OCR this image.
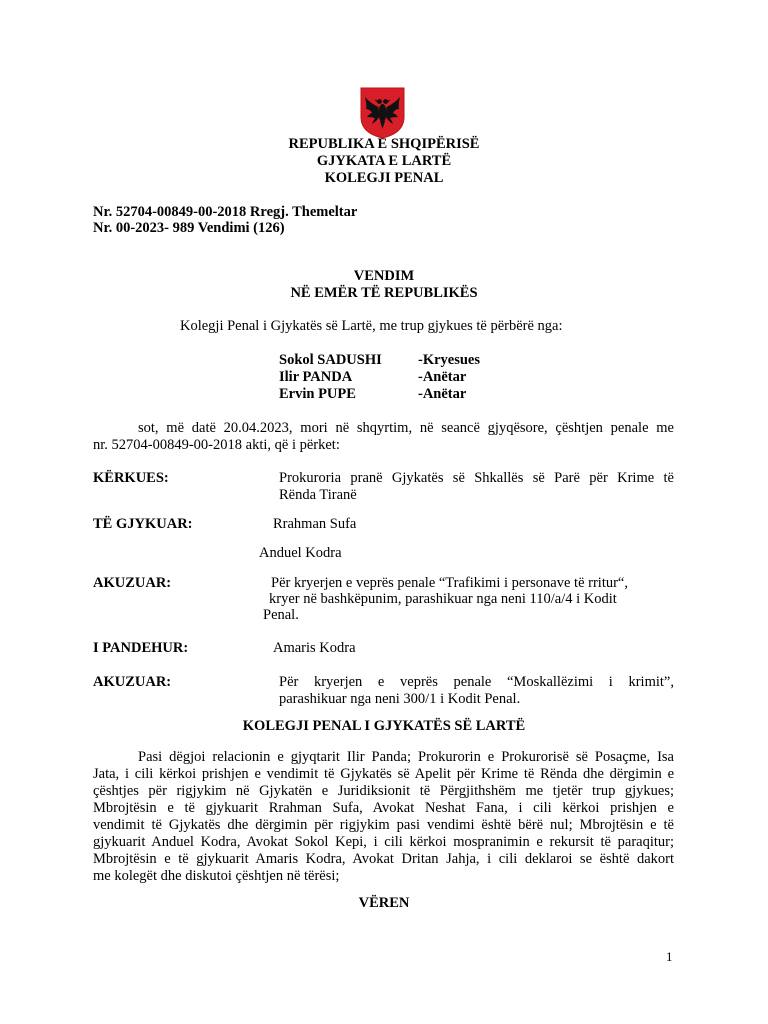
REPUBLIKA E SHQIPËRISË
GJYKATA E LARTË
KOLEGJI PENAL
Nr. 52704-00849-00-2018 Rregj. Themeltar
Nr. 00-2023- 989 Vendimi (126)
VENDIM
NË EMËR TË REPUBLIKËS
Kolegji Penal i Gjykatës së Lartë, me trup gjykues të përbërë nga:
Sokol SADUSHI	-Kryesues
Ilir PANDA	-Anëtar
Ervin PUPE	-Anëtar
sot, më datë 20.04.2023, mori në shqyrtim, në seancë gjyqësore, çështjen penale me
nr. 52704-00849-00-2018 akti, që i përket:
KËRKUES:	Prokuroria pranë Gjykatës së Shkallës së Parë për Krime të
Rënda Tiranë
TË GJYKUAR:	Rrahman Sufa
Anduel Kodra
AKUZUAR:	Për kryerjen e veprës penale “Trafikimi i personave të rritur“,
kryer në bashkëpunim, parashikuar nga neni 110/a/4 i Kodit
Penal.
I PANDEHUR:	Amaris Kodra
AKUZUAR:	Për kryerjen e veprës penale “Moskallëzimi i krimit”,
parashikuar nga neni 300/1 i Kodit Penal.
KOLEGJI PENAL I GJYKATËS SË LARTË
Pasi dëgjoi relacionin e gjyqtarit Ilir Panda; Prokurorin e Prokurorisë së Posaçme, Isa
Jata, i cili kërkoi prishjen e vendimit të Gjykatës së Apelit për Krime të Rënda dhe dërgimin e
çështjes për rigjykim në Gjykatën e Juridiksionit të Përgjithshëm me tjetër trup gjykues;
Mbrojtësin e të gjykuarit Rrahman Sufa, Avokat Neshat Fana, i cili kërkoi prishjen e
vendimit të Gjykatës dhe dërgimin për rigjykim pasi vendimi është bërë nul; Mbrojtësin e të
gjykuarit Anduel Kodra, Avokat Sokol Kepi, i cili kërkoi mospranimin e rekursit të paraqitur;
Mbrojtësin e të gjykuarit Amaris Kodra, Avokat Dritan Jahja, i cili deklaroi se është dakort
me kolegët dhe diskutoi çështjen në tërësi;
VËREN
1
